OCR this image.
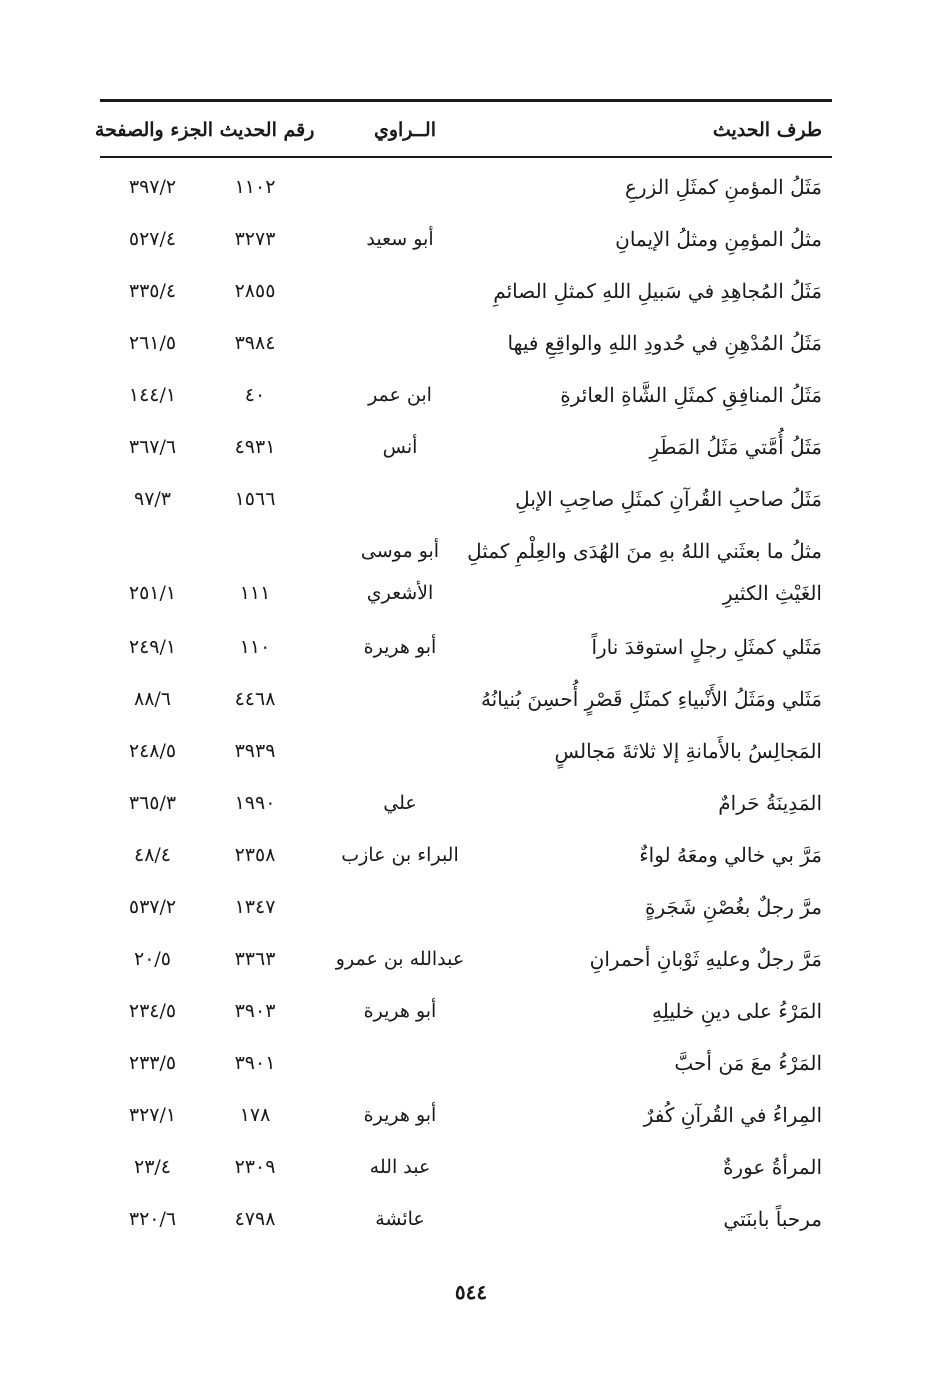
طرف الحديث
الــراوي
رقم الحديث
الجزء والصفحة
مَثَلُ المؤمنِ كمثَلِ الزرعِ
١١٠٢
٣٩٧/٢
مثلُ المؤمِنِ ومثلُ الإيمانِ
أبو سعيد
٣٢٧٣
٥٢٧/٤
مَثَلُ المُجاهِدِ في سَبيلِ اللهِ كمثلِ الصائمِ
٢٨٥٥
٣٣٥/٤
مَثَلُ المُدْهِنِ في حُدودِ اللهِ والواقِعِ فيها
٣٩٨٤
٢٦١/٥
مَثَلُ المنافِقِ كمثَلِ الشَّاةِ العائرةِ
ابن عمر
٤٠
١٤٤/١
مَثَلُ أُمَّتي مَثَلُ المَطَرِ
أنس
٤٩٣١
٣٦٧/٦
مَثَلُ صاحبِ القُرآنِ كمثَلِ صاحِبِ الإبلِ
١٥٦٦
٩٧/٣
مثلُ ما بعثَني اللهُ بهِ منَ الهُدَى والعِلْمِ كمثلِ
الغَيْثِ الكثيرِ
أبو موسى
الأشعري
١١١
٢٥١/١
مَثَلي كمثَلِ رجلٍ استوقدَ ناراً
أبو هريرة
١١٠
٢٤٩/١
مَثَلي ومَثَلُ الأَنْبياءِ كمثَلِ قَصْرٍ أُحسِنَ بُنيانُهُ
٤٤٦٨
٨٨/٦
المَجالِسُ بالأَمانةِ إلا ثلاثةَ مَجالسٍ
٣٩٣٩
٢٤٨/٥
المَدِينَةُ حَرامٌ
علي
١٩٩٠
٣٦٥/٣
مَرَّ بي خالي ومعَهُ لواءٌ
البراء بن عازب
٢٣٥٨
٤٨/٤
مرَّ رجلٌ بغُصْنِ شَجَرةٍ
١٣٤٧
٥٣٧/٢
مَرَّ رجلٌ وعليهِ ثَوْبانِ أحمرانِ
عبدالله بن عمرو
٣٣٦٣
٢٠/٥
المَرْءُ على دينِ خليلِهِ
أبو هريرة
٣٩٠٣
٢٣٤/٥
المَرْءُ معَ مَن أحبَّ
٣٩٠١
٢٣٣/٥
المِراءُ في القُرآنِ كُفرٌ
أبو هريرة
١٧٨
٣٢٧/١
المرأةُ عورةٌ
عبد الله
٢٣٠٩
٢٣/٤
مرحباً بابنَتي
عائشة
٤٧٩٨
٣٢٠/٦
٥٤٤
